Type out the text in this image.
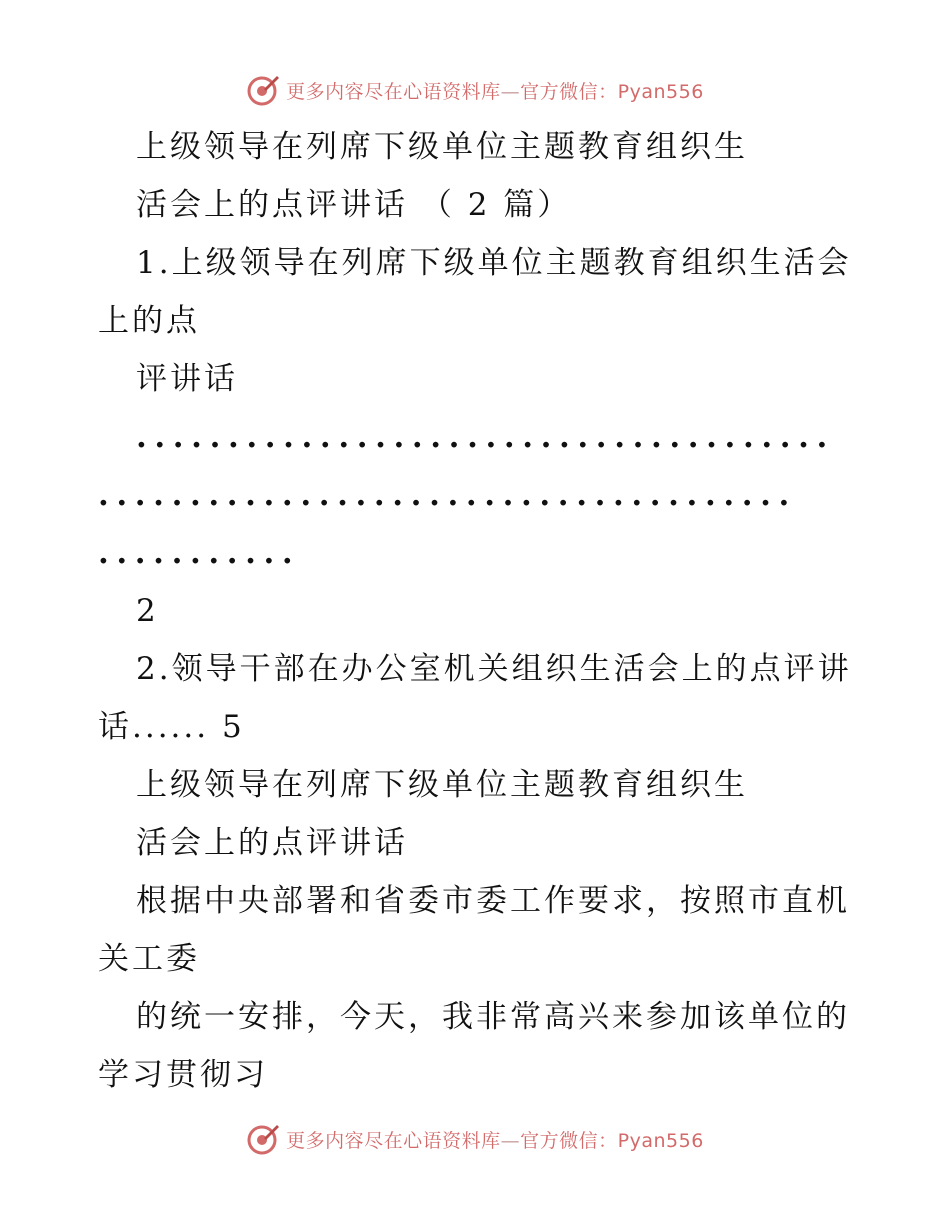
更多内容尽在心语资料库—官方微信：Pyan556
上级领导在列席下级单位主题教育组织生
活会上的点评讲话 （ 2 篇）
1.上级领导在列席下级单位主题教育组织生活会
上的点
评讲话
......................................
......................................
...........
2
2.领导干部在办公室机关组织生活会上的点评讲
话...... 5
上级领导在列席下级单位主题教育组织生
活会上的点评讲话
根据中央部署和省委市委工作要求，按照市直机
关工委
的统一安排，今天，我非常高兴来参加该单位的
学习贯彻习
更多内容尽在心语资料库—官方微信：Pyan556
